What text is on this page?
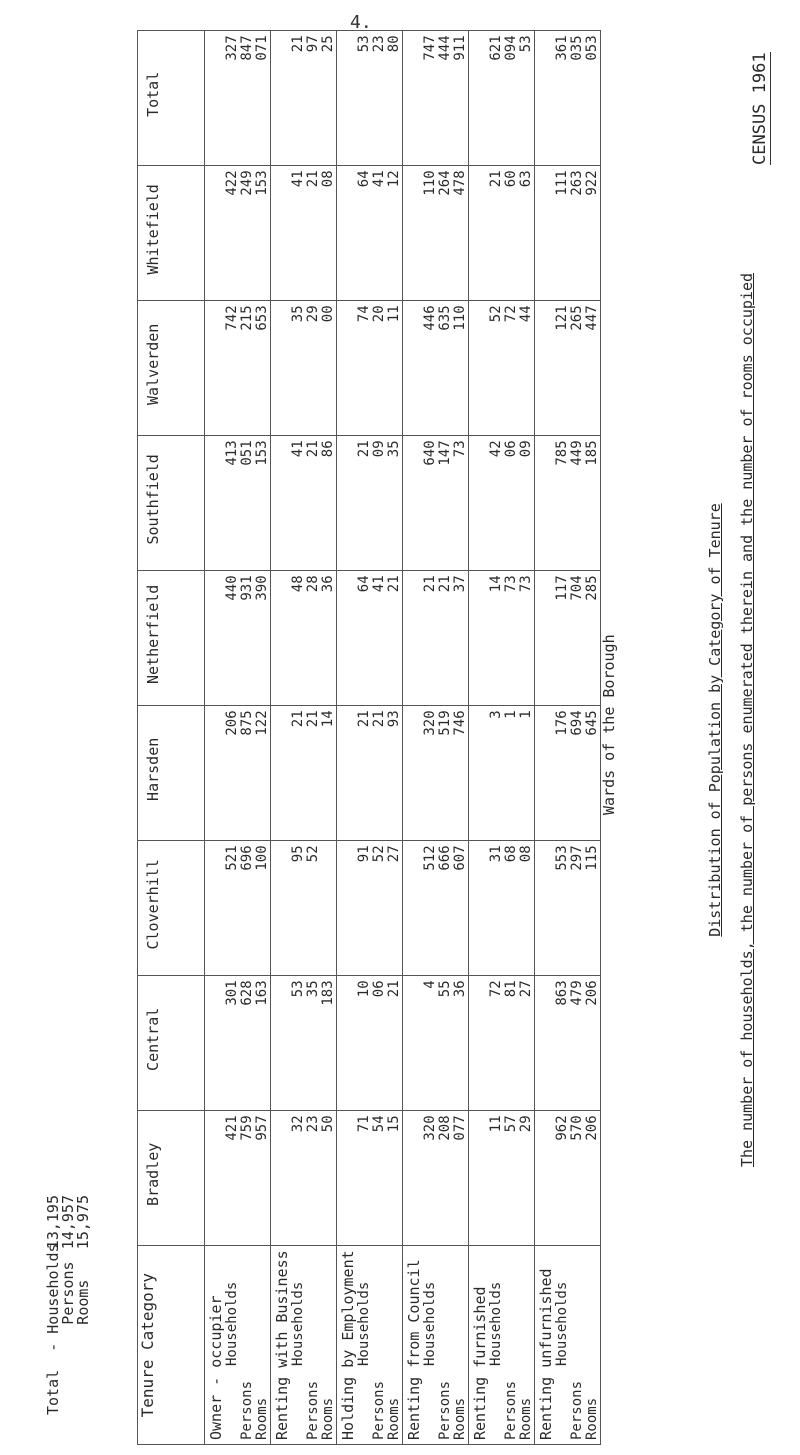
4.
CENSUS 1961
Distribution of Population by Category of Tenure The number of households, the number of persons enumerated therein and the number of rooms occupied
Wards of the Borough
Tenure Category	Bradley	Central	Cloverhill	Harsden	Netherfield	Southfield	Walverden	Whitefield	Total

Owner - occupier Households
Persons Rooms	421 759 957	301 628 163	521 696 100	206 875 122	440 931 390	413 051 153	742 215 653	422 249 153	327 847 071

Renting with Business Households
Persons Rooms	32 23 50	53 35 183	95 52	21 21 14	48 28 36	41 21 86	35 29 00	41 21 08	21 97 25

Holding by Employment Households
Persons Rooms	71 54 15	10 06 21	91 52 27	21 21 93	64 41 21	21 09 35	74 20 11	64 41 12	53 23 80

Renting from Council Households
Persons Rooms	320 208 077	4 55 36	512 666 607	320 519 746	21 21 37	640 147 73	446 635 110	110 264 478	747 444 911

Renting furnished Households
Persons Rooms	11 57 29	72 81 27	31 68 08	3 1 1	14 73 73	42 06 09	52 72 44	21 60 63	621 094 53

Renting unfurnished Households
Persons Rooms	962 570 206	863 479 206	553 297 115	176 694 645	117 704 285	785 449 185	121 265 447	111 263 922	361 035 053
Total  - Households
13,195
Persons
14,957
Rooms
15,975
